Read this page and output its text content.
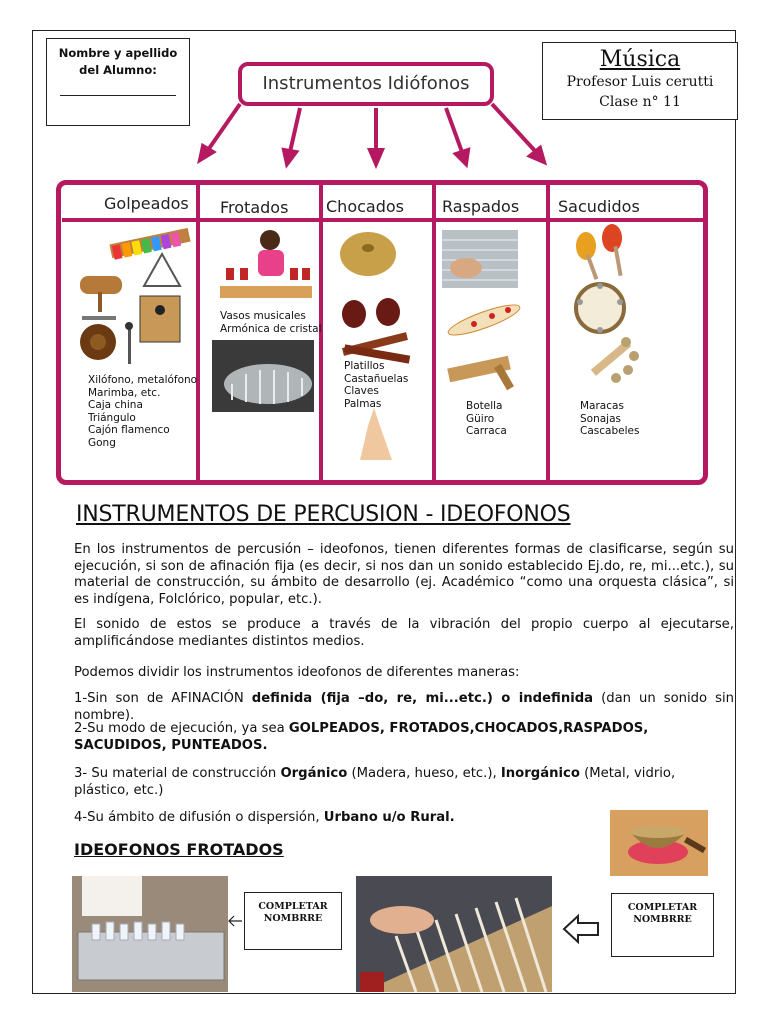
Nombre y apellido
del Alumno:	Música
Profesor Luis cerutti
Clase n° 11
Instrumentos Idiófonos
Golpeados Frotados Chocados Raspados Sacudidos
Xilófono, metalófono
Marimba, etc.
Caja china
Triángulo
Cajón flamenco
Gong
Vasos musicales
Armónica de cristal
Platillos
Castañuelas
Claves
Palmas	Botella
Güiro
Carraca
Maracas
Sonajas
Cascabeles
INSTRUMENTOS DE PERCUSION - IDEOFONOS
En los instrumentos de percusión – ideofonos, tienen diferentes formas de clasificarse, según su ejecución, si son de afinación fija (es decir, si nos dan un sonido establecido Ej.do, re, mi...etc.), su material de construcción, su ámbito de desarrollo (ej. Académico “como una orquesta clásica”, si es indígena, Folclórico, popular, etc.).
El sonido de estos se produce a través de la vibración del propio cuerpo al ejecutarse, amplificándose mediantes distintos medios.
Podemos dividir los instrumentos ideofonos de diferentes maneras:
1-Sin son de AFINACIÓN definida (fija –do, re, mi...etc.) o indefinida (dan un sonido sin nombre).
2-Su modo de ejecución, ya sea GOLPEADOS, FROTADOS,CHOCADOS,RASPADOS, SACUDIDOS, PUNTEADOS.
3- Su material de construcción Orgánico (Madera, hueso, etc.), Inorgánico (Metal, vidrio, plástico, etc.)
4-Su ámbito de difusión o dispersión, Urbano u/o Rural.
IDEOFONOS FROTADOS
COMPLETAR
NOMBRRE
COMPLETAR
NOMBRRE
